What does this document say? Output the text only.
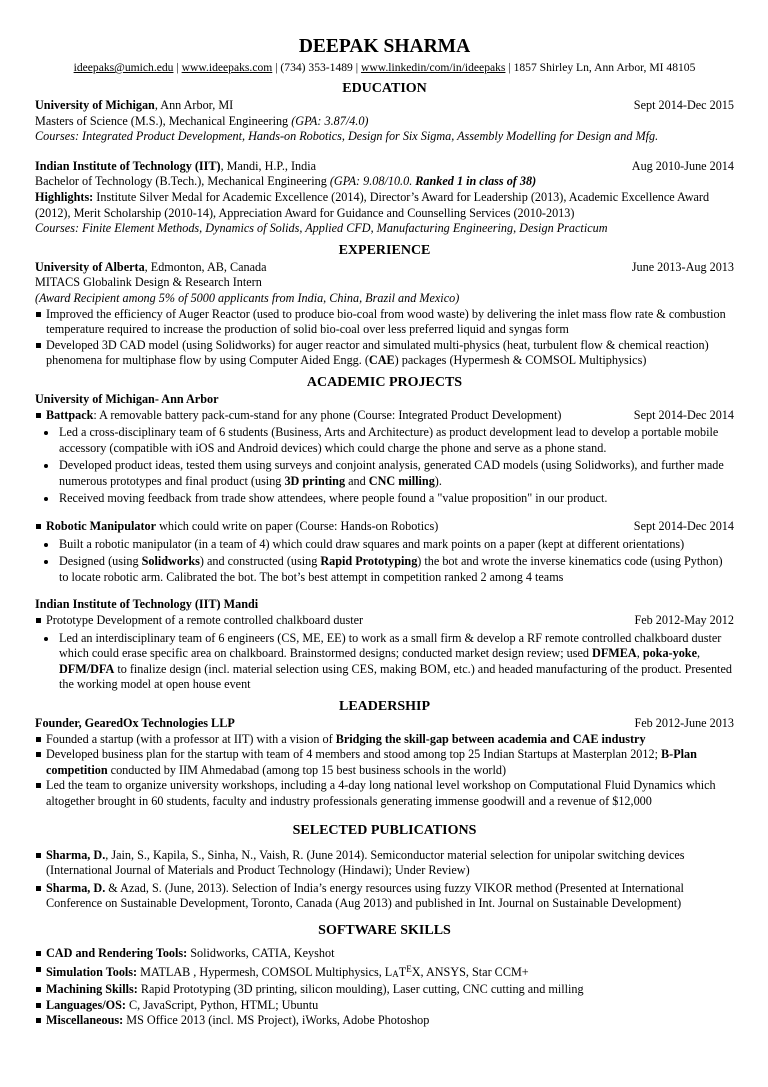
DEEPAK SHARMA
ideepaks@umich.edu | www.ideepaks.com | (734) 353-1489 | www.linkedin/com/in/ideepaks | 1857 Shirley Ln, Ann Arbor, MI 48105
EDUCATION
University of Michigan, Ann Arbor, MI	Sept 2014-Dec 2015
Masters of Science (M.S.), Mechanical Engineering (GPA: 3.87/4.0)
Courses: Integrated Product Development, Hands-on Robotics, Design for Six Sigma, Assembly Modelling for Design and Mfg.
Indian Institute of Technology (IIT), Mandi, H.P., India	Aug 2010-June 2014
Bachelor of Technology (B.Tech.), Mechanical Engineering (GPA: 9.08/10.0. Ranked 1 in class of 38)
Highlights: Institute Silver Medal for Academic Excellence (2014), Director’s Award for Leadership (2013), Academic Excellence Award (2012), Merit Scholarship (2010-14), Appreciation Award for Guidance and Counselling Services (2010-2013)
Courses: Finite Element Methods, Dynamics of Solids, Applied CFD, Manufacturing Engineering, Design Practicum
EXPERIENCE
University of Alberta, Edmonton, AB, Canada	June 2013-Aug 2013
MITACS Globalink Design & Research Intern
(Award Recipient among 5% of 5000 applicants from India, China, Brazil and Mexico)
Improved the efficiency of Auger Reactor (used to produce bio-coal from wood waste) by delivering the inlet mass flow rate & combustion temperature required to increase the production of solid bio-coal over less preferred liquid and syngas form
Developed 3D CAD model (using Solidworks) for auger reactor and simulated multi-physics (heat, turbulent flow & chemical reaction) phenomena for multiphase flow by using Computer Aided Engg. (CAE) packages (Hypermesh & COMSOL Multiphysics)
ACADEMIC PROJECTS
University of Michigan- Ann Arbor
Battpack: A removable battery pack-cum-stand for any phone (Course: Integrated Product Development)	Sept 2014-Dec 2014
Led a cross-disciplinary team of 6 students (Business, Arts and Architecture) as product development lead to develop a portable mobile accessory (compatible with iOS and Android devices) which could charge the phone and serve as a phone stand.
Developed product ideas, tested them using surveys and conjoint analysis, generated CAD models (using Solidworks), and further made numerous prototypes and final product (using 3D printing and CNC milling).
Received moving feedback from trade show attendees, where people found a "value proposition" in our product.
Robotic Manipulator which could write on paper (Course: Hands-on Robotics)	Sept 2014-Dec 2014
Built a robotic manipulator (in a team of 4) which could draw squares and mark points on a paper (kept at different orientations)
Designed (using Solidworks) and constructed (using Rapid Prototyping) the bot and wrote the inverse kinematics code (using Python) to locate robotic arm. Calibrated the bot. The bot’s best attempt in competition ranked 2 among 4 teams
Indian Institute of Technology (IIT) Mandi
Prototype Development of a remote controlled chalkboard duster	Feb 2012-May 2012
Led an interdisciplinary team of 6 engineers (CS, ME, EE) to work as a small firm & develop a RF remote controlled chalkboard duster which could erase specific area on chalkboard. Brainstormed designs; conducted market design review; used DFMEA, poka-yoke, DFM/DFA to finalize design (incl. material selection using CES, making BOM, etc.) and headed manufacturing of the product. Presented the working model at open house event
LEADERSHIP
Founder, GearedOx Technologies LLP	Feb 2012-June 2013
Founded a startup (with a professor at IIT) with a vision of Bridging the skill-gap between academia and CAE industry
Developed business plan for the startup with team of 4 members and stood among top 25 Indian Startups at Masterplan 2012; B-Plan competition conducted by IIM Ahmedabad (among top 15 best business schools in the world)
Led the team to organize university workshops, including a 4-day long national level workshop on Computational Fluid Dynamics which altogether brought in 60 students, faculty and industry professionals generating immense goodwill and a revenue of $12,000
SELECTED PUBLICATIONS
Sharma, D., Jain, S., Kapila, S., Sinha, N., Vaish, R. (June 2014). Semiconductor material selection for unipolar switching devices (International Journal of Materials and Product Technology (Hindawi); Under Review)
Sharma, D. & Azad, S. (June, 2013). Selection of India’s energy resources using fuzzy VIKOR method (Presented at International Conference on Sustainable Development, Toronto, Canada (Aug 2013) and published in Int. Journal on Sustainable Development)
SOFTWARE SKILLS
CAD and Rendering Tools: Solidworks, CATIA, Keyshot
Simulation Tools: MATLAB , Hypermesh, COMSOL Multiphysics, $LAT^EX$, ANSYS, Star CCM+
Machining Skills: Rapid Prototyping (3D printing, silicon moulding), Laser cutting, CNC cutting and milling
Languages/OS: C, JavaScript, Python, HTML; Ubuntu
Miscellaneous: MS Office 2013 (incl. MS Project), iWorks, Adobe Photoshop
